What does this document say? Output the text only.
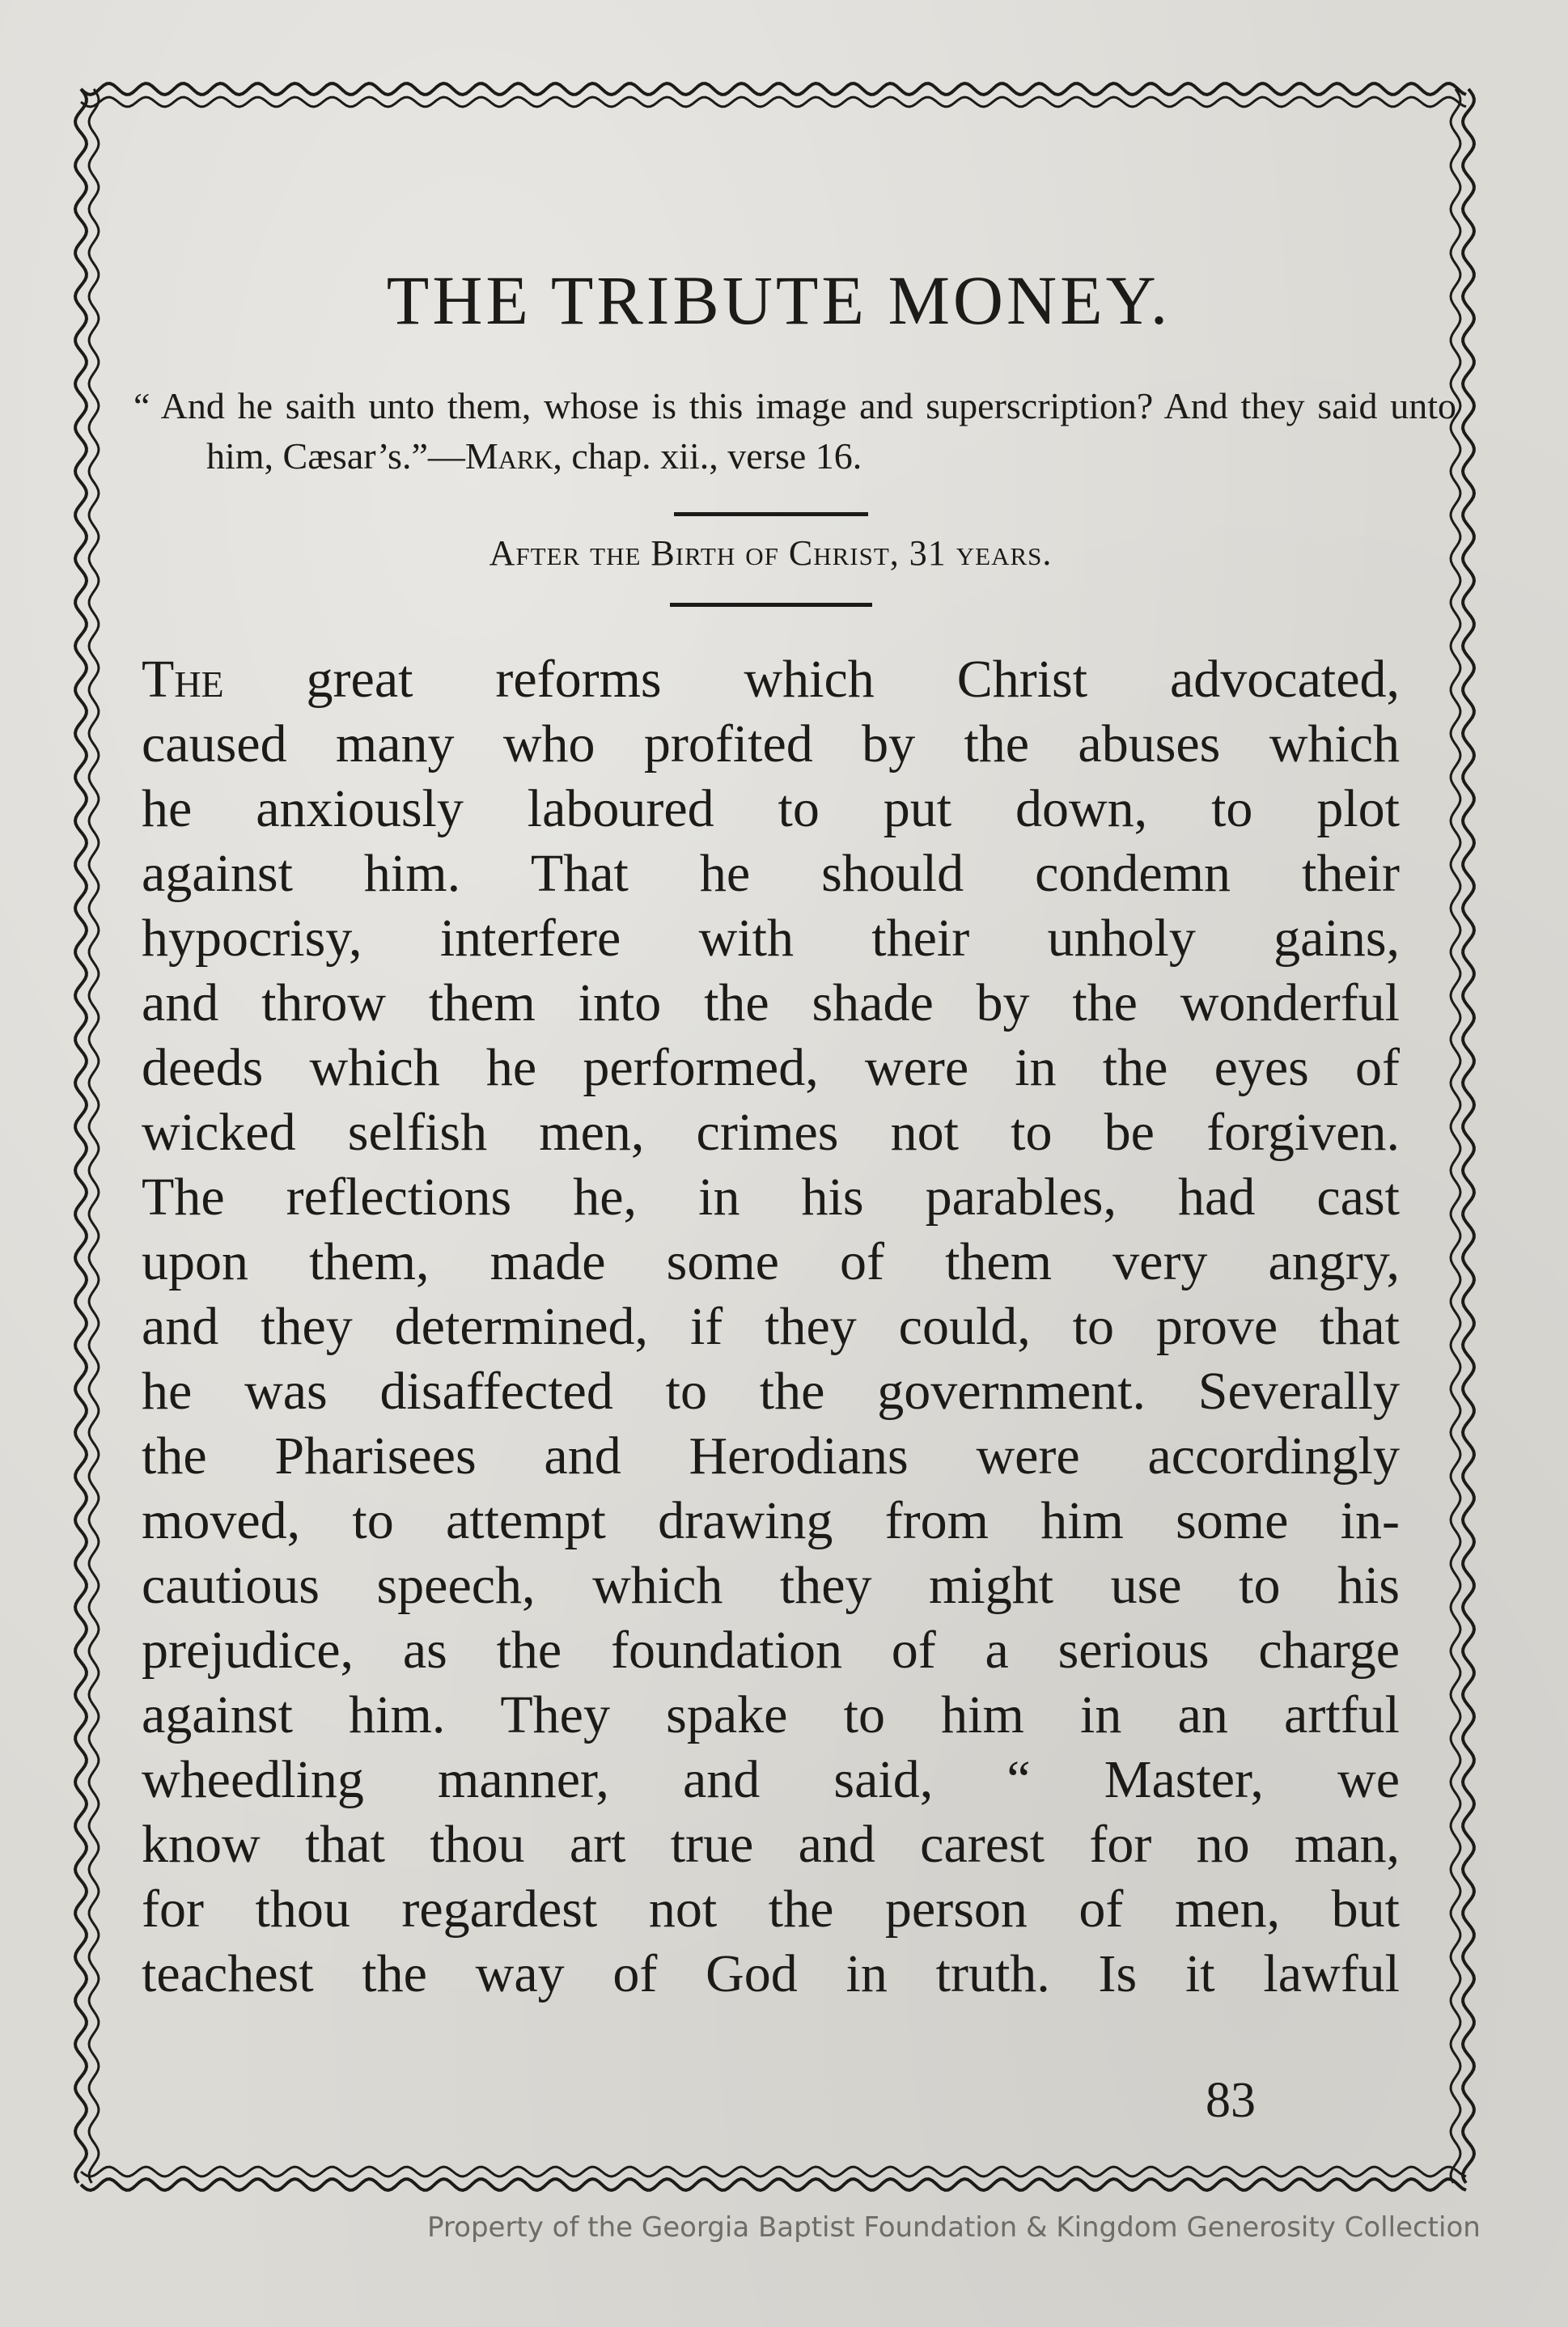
THE TRIBUTE MONEY.
“ And he saith unto them, whose is this image and superscription? And they said unto him, Cæsar’s.”—Mark, chap. xii., verse 16.
After the Birth of Christ, 31 years.
The great reforms which Christ advocated,
caused many who profited by the abuses which
he anxiously laboured to put down, to plot
against him. That he should condemn their
hypocrisy, interfere with their unholy gains,
and throw them into the shade by the wonderful
deeds which he performed, were in the eyes of
wicked selfish men, crimes not to be forgiven.
The reflections he, in his parables, had cast
upon them, made some of them very angry,
and they determined, if they could, to prove that
he was disaffected to the government. Severally
the Pharisees and Herodians were accordingly
moved, to attempt drawing from him some in-
cautious speech, which they might use to his
prejudice, as the foundation of a serious charge
against him. They spake to him in an artful
wheedling manner, and said, “ Master, we
know that thou art true and carest for no man,
for thou regardest not the person of men, but
teachest the way of God in truth. Is it lawful
83
Property of the Georgia Baptist Foundation & Kingdom Generosity Collection
